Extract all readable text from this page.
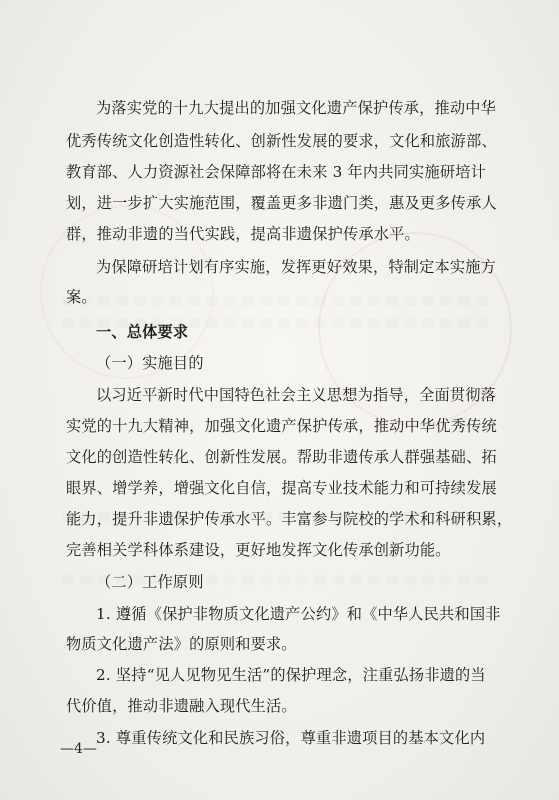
为落实党的十九大提出的加强文化遗产保护传承，推动中华
优秀传统文化创造性转化、创新性发展的要求，文化和旅游部、
教育部、人力资源社会保障部将在未来 3 年内共同实施研培计
划，进一步扩大实施范围，覆盖更多非遗门类，惠及更多传承人
群，推动非遗的当代实践，提高非遗保护传承水平。
为保障研培计划有序实施，发挥更好效果，特制定本实施方
案。
一、总体要求
（一）实施目的
以习近平新时代中国特色社会主义思想为指导，全面贯彻落
实党的十九大精神，加强文化遗产保护传承，推动中华优秀传统
文化的创造性转化、创新性发展。帮助非遗传承人群强基础、拓
眼界、增学养，增强文化自信，提高专业技术能力和可持续发展
能力，提升非遗保护传承水平。丰富参与院校的学术和科研积累，
完善相关学科体系建设，更好地发挥文化传承创新功能。
（二）工作原则
1. 遵循《保护非物质文化遗产公约》和《中华人民共和国非
物质文化遗产法》的原则和要求。
2. 坚持“见人见物见生活”的保护理念，注重弘扬非遗的当
代价值，推动非遗融入现代生活。
3. 尊重传统文化和民族习俗，尊重非遗项目的基本文化内
—4—
